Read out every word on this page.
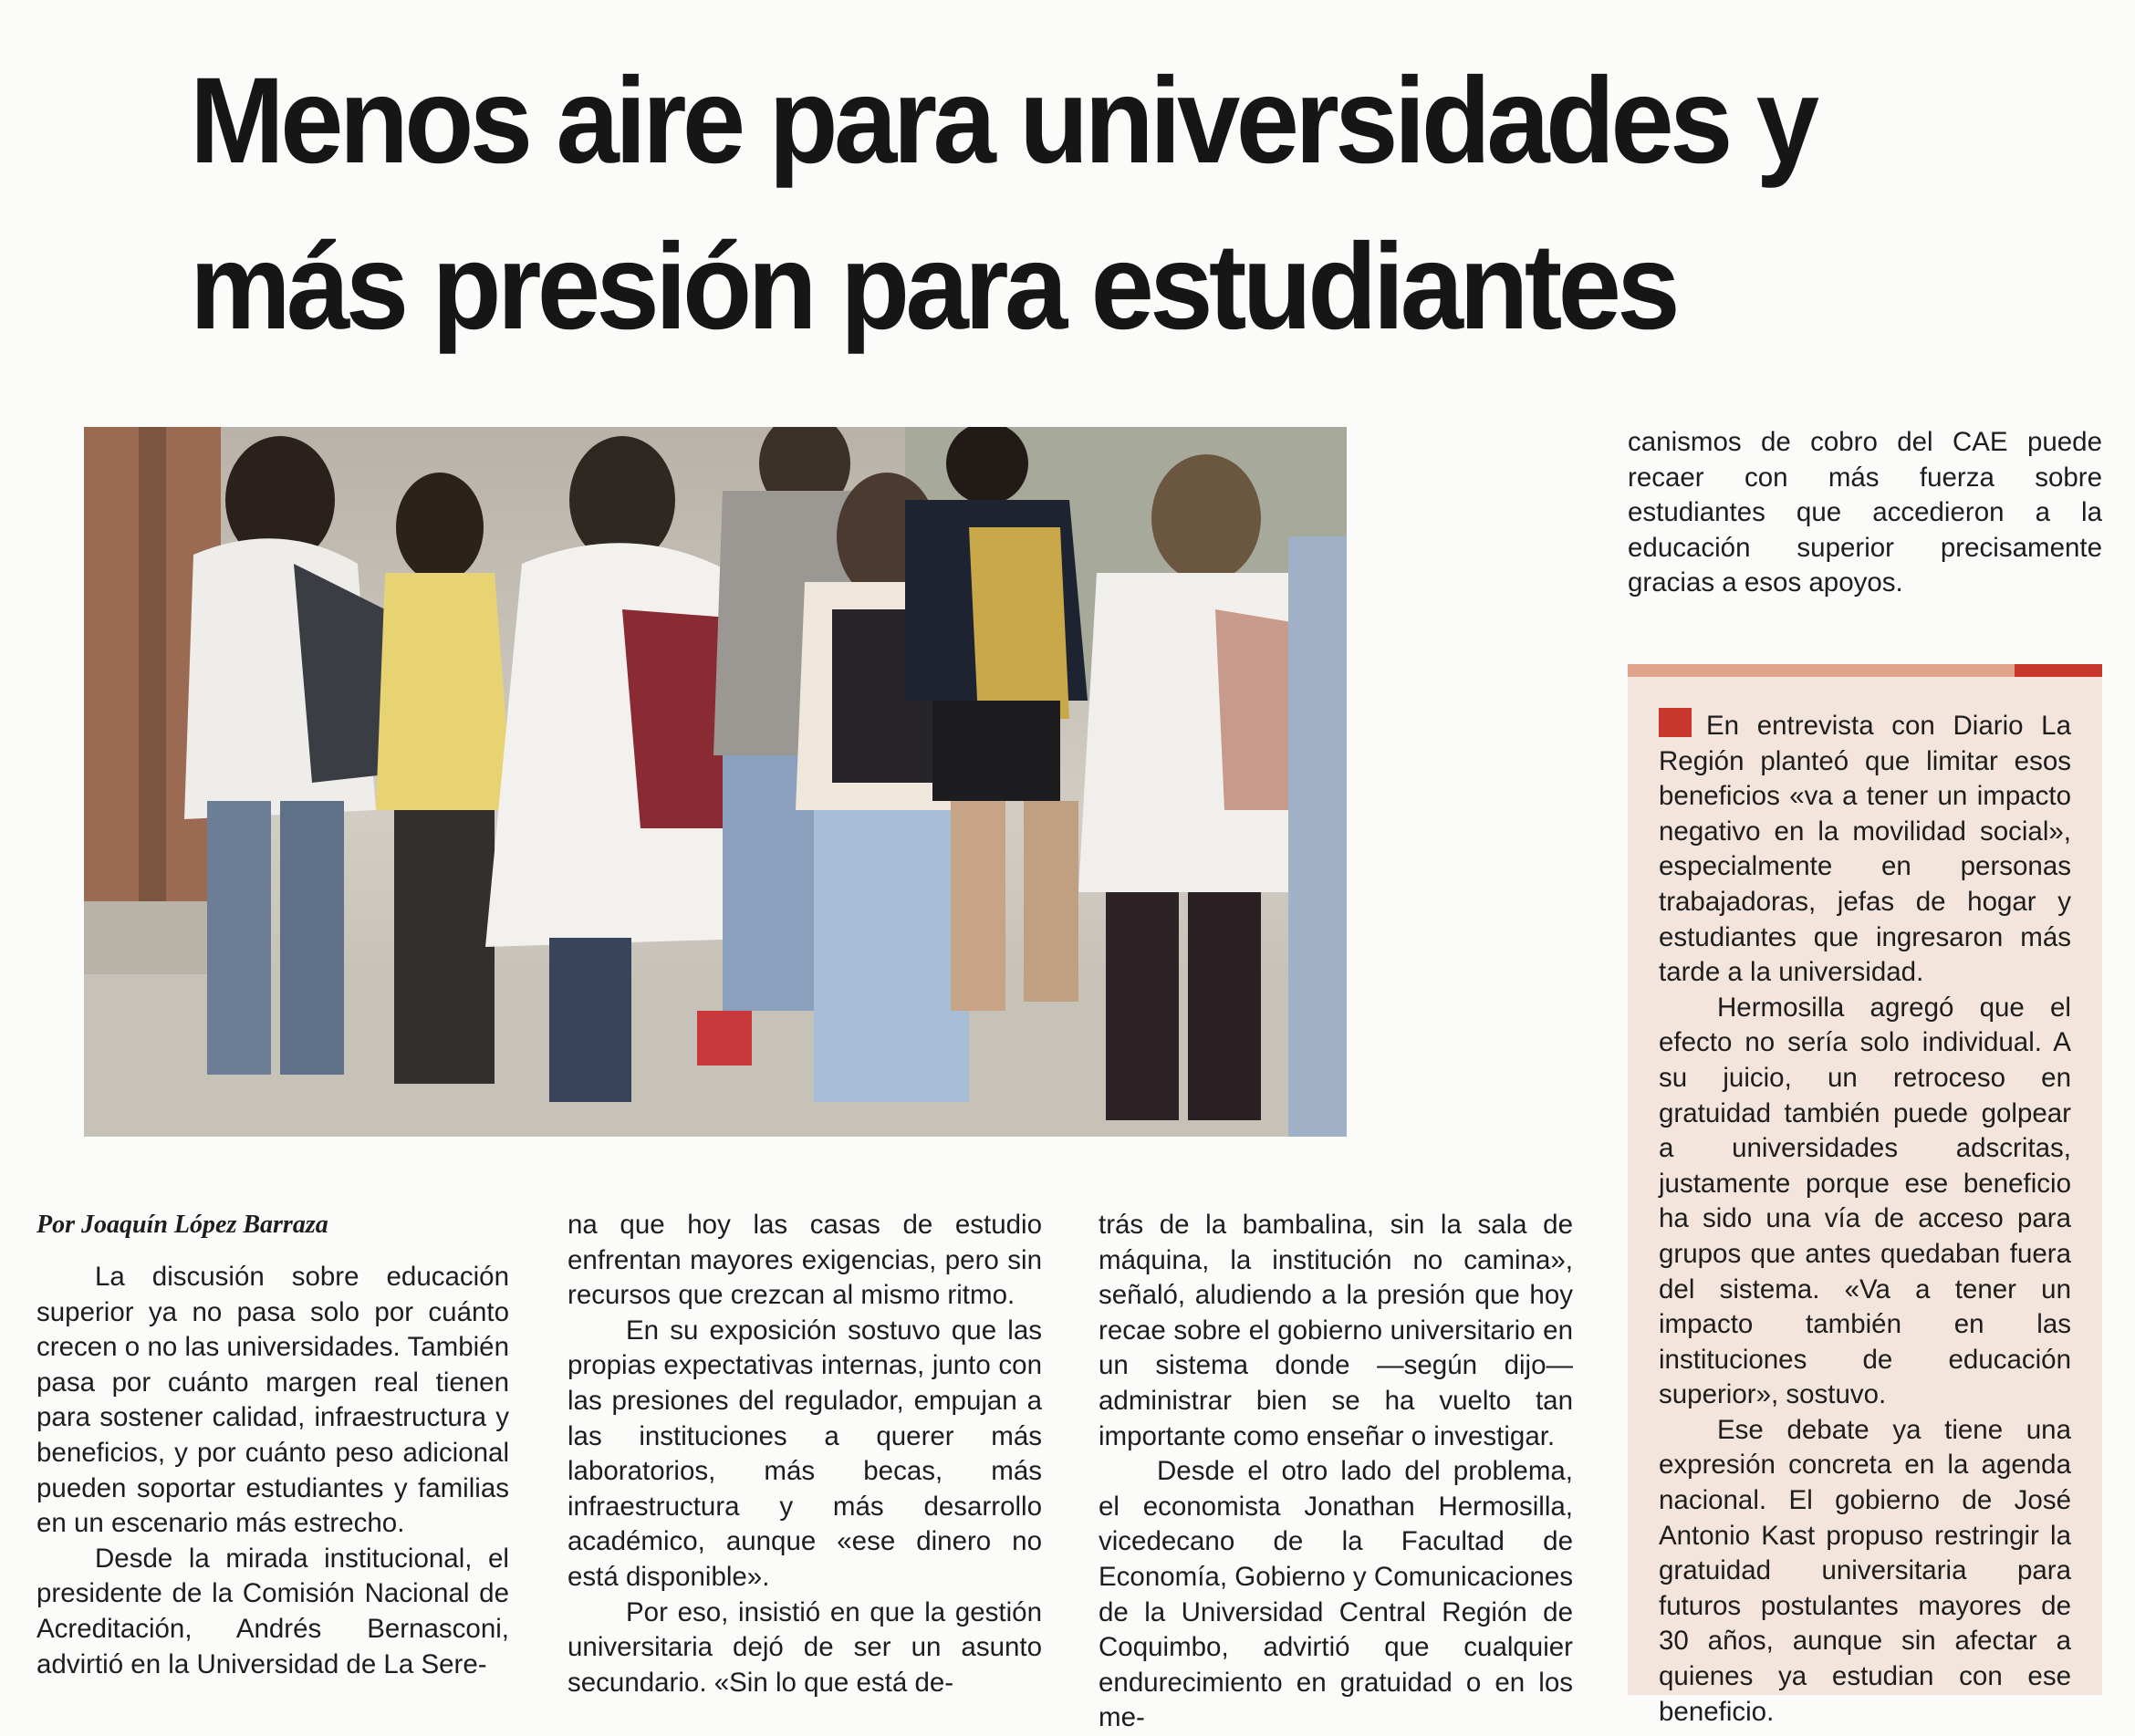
Menos aire para universidades y
más presión para estudiantes

Por Joaquín López Barraza

La discusión sobre educación superior ya no pasa solo por cuánto crecen o no las universidades. También pasa por cuánto margen real tienen para sostener calidad, infraestructura y beneficios, y por cuánto peso adicional pueden soportar estudiantes y familias en un escenario más estrecho.

Desde la mirada institucional, el presidente de la Comisión Nacional de Acreditación, Andrés Bernasconi, advirtió en la Universidad de La Sere-

na que hoy las casas de estudio enfrentan mayores exigencias, pero sin recursos que crezcan al mismo ritmo.

En su exposición sostuvo que las propias expectativas internas, junto con las presiones del regulador, empujan a las instituciones a querer más laboratorios, más becas, más infraestructura y más desarrollo académico, aunque «ese dinero no está disponible».

Por eso, insistió en que la gestión universitaria dejó de ser un asunto secundario. «Sin lo que está de-

trás de la bambalina, sin la sala de máquina, la institución no camina», señaló, aludiendo a la presión que hoy recae sobre el gobierno universitario en un sistema donde —según dijo— administrar bien se ha vuelto tan importante como enseñar o investigar.

Desde el otro lado del problema, el economista Jonathan Hermosilla, vicedecano de la Facultad de Economía, Gobierno y Comunicaciones de la Universidad Central Región de Coquimbo, advirtió que cualquier endurecimiento en gratuidad o en los me-

canismos de cobro del CAE puede recaer con más fuerza sobre estudiantes que accedieron a la educación superior precisamente gracias a esos apoyos.

En entrevista con Diario La Región planteó que limitar esos beneficios «va a tener un impacto negativo en la movilidad social», especialmente en personas trabajadoras, jefas de hogar y estudiantes que ingresaron más tarde a la universidad.

Hermosilla agregó que el efecto no sería solo individual. A su juicio, un retroceso en gratuidad también puede golpear a universidades adscritas, justamente porque ese beneficio ha sido una vía de acceso para grupos que antes quedaban fuera del sistema. «Va a tener un impacto también en las instituciones de educación superior», sostuvo.

Ese debate ya tiene una expresión concreta en la agenda nacional. El gobierno de José Antonio Kast propuso restringir la gratuidad universitaria para futuros postulantes mayores de 30 años, aunque sin afectar a quienes ya estudian con ese beneficio.
